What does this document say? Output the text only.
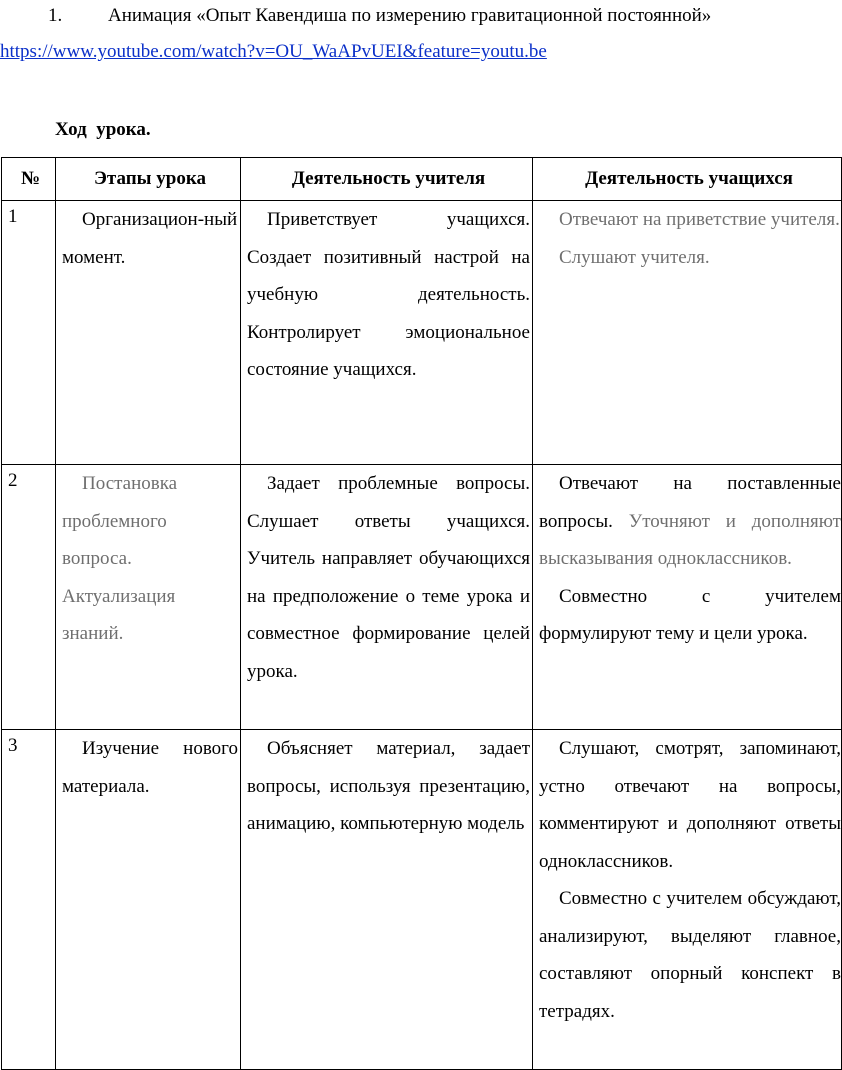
1. Анимация «Опыт Кавендиша по измерению гравитационной постоянной»
https://www.youtube.com/watch?v=OU_WaAPvUEI&feature=youtu.be
Ход  урока.
№	Этапы урока	Деятельность учителя	Деятельность учащихся
1	Организацион-ный момент.	Приветствует учащихся. Создает позитивный настрой на учебную деятельность. Контролирует эмоциональное состояние учащихся.	Отвечают на приветствие учителя.

Слушают учителя.

2	Постановка проблемного вопроса. Актуализация знаний.	Задает проблемные вопросы. Слушает ответы учащихся. Учитель направляет обучающихся на предположение о теме урока и совместное формирование целей урока.	Отвечают на поставленные вопросы. Уточняют и дополняют высказывания одноклассников.

Совместно с учителем формулируют тему и цели урока.

3	Изучение нового материала.	Объясняет материал, задает вопросы, используя презентацию, анимацию, компьютерную модель	Слушают, смотрят, запоминают, устно отвечают на вопросы, комментируют и дополняют ответы одноклассников.

Совместно с учителем обсуждают, анализируют, выделяют главное, составляют опорный конспект в тетрадях.
